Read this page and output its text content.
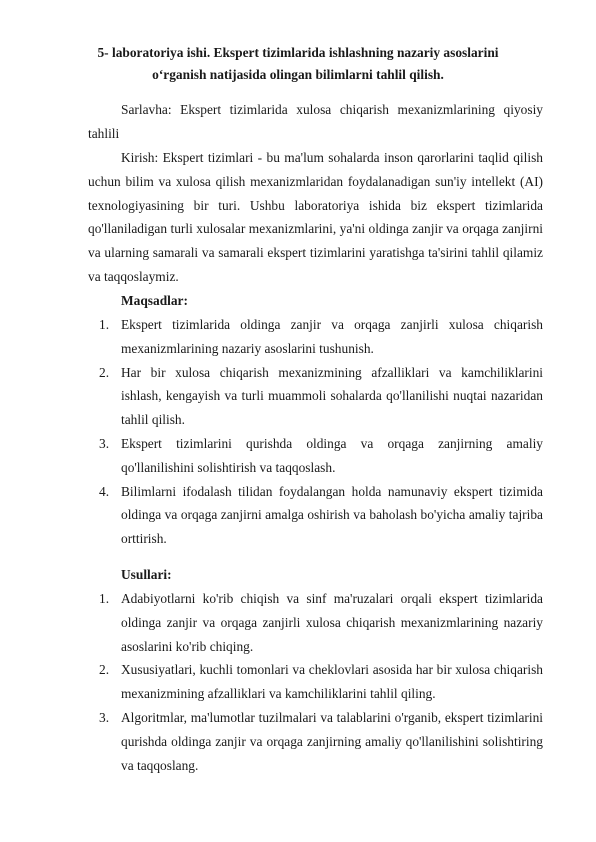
5- laboratoriya ishi. Ekspert tizimlarida ishlashning nazariy asoslarini
o‘rganish natijasida olingan bilimlarni tahlil qilish.

Sarlavha: Ekspert tizimlarida xulosa chiqarish mexanizmlarining qiyosiy tahlili

Kirish: Ekspert tizimlari - bu ma'lum sohalarda inson qarorlarini taqlid qilish uchun bilim va xulosa qilish mexanizmlaridan foydalanadigan sun'iy intellekt (AI) texnologiyasining bir turi. Ushbu laboratoriya ishida biz ekspert tizimlarida qo'llaniladigan turli xulosalar mexanizmlarini, ya'ni oldinga zanjir va orqaga zanjirni va ularning samarali va samarali ekspert tizimlarini yaratishga ta'sirini tahlil qilamiz va taqqoslaymiz.

Maqsadlar:
1. Ekspert tizimlarida oldinga zanjir va orqaga zanjirli xulosa chiqarish mexanizmlarining nazariy asoslarini tushunish.
2. Har bir xulosa chiqarish mexanizmining afzalliklari va kamchiliklarini ishlash, kengayish va turli muammoli sohalarda qo'llanilishi nuqtai nazaridan tahlil qilish.
3. Ekspert tizimlarini qurishda oldinga va orqaga zanjirning amaliy qo'llanilishini solishtirish va taqqoslash.
4. Bilimlarni ifodalash tilidan foydalangan holda namunaviy ekspert tizimida oldinga va orqaga zanjirni amalga oshirish va baholash bo'yicha amaliy tajriba orttirish.
Usullari:
1. Adabiyotlarni ko'rib chiqish va sinf ma'ruzalari orqali ekspert tizimlarida oldinga zanjir va orqaga zanjirli xulosa chiqarish mexanizmlarining nazariy asoslarini ko'rib chiqing.
2. Xususiyatlari, kuchli tomonlari va cheklovlari asosida har bir xulosa chiqarish mexanizmining afzalliklari va kamchiliklarini tahlil qiling.
3. Algoritmlar, ma'lumotlar tuzilmalari va talablarini o'rganib, ekspert tizimlarini qurishda oldinga zanjir va orqaga zanjirning amaliy qo'llanilishini solishtiring va taqqoslang.
